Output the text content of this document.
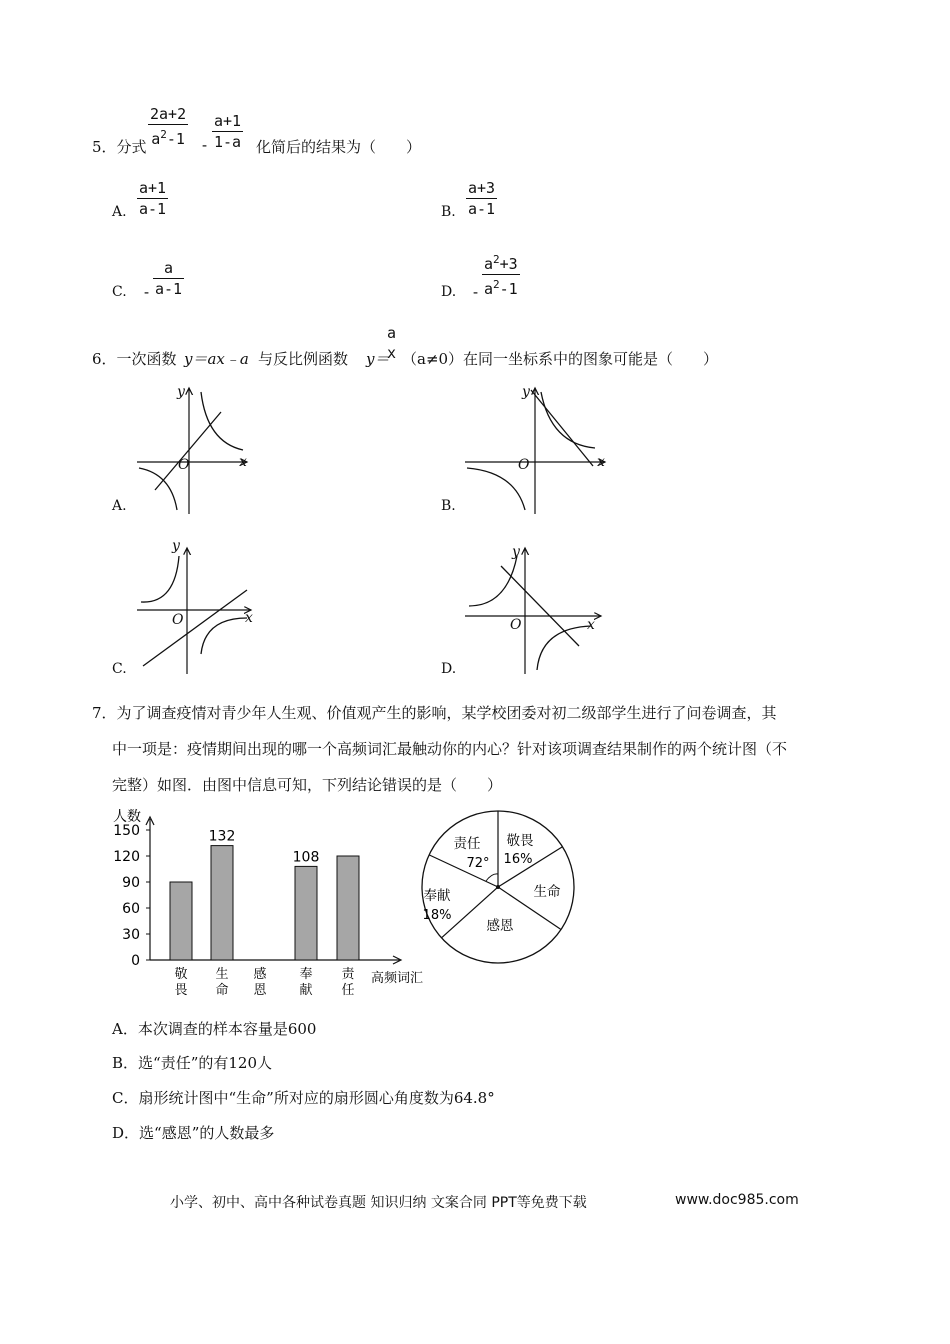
5．分式 $\frac{2a+2}{a^2-1} - \frac{a+1}{1-a}$ 化简后的结果为（　　）
A. $\frac{a+1}{a-1}$	B. $\frac{a+3}{a-1}$
C. - $\frac{a}{a-1}$	D. - $\frac{a^2+3}{a^2-1}$
6．一次函数 y＝ax﹣a 与反比例函数 y＝
a
x （a≠0）在同一坐标系中的图象可能是（　　）
y
x
O
A.
y
x
O
B.
y
x
O
C.
y
x
O
D.
7．为了调查疫情对青少年人生观、价值观产生的影响，某学校团委对初二级部学生进行了问卷调查，其
中一项是：疫情期间出现的哪一个高频词汇最触动你的内心？针对该项调查结果制作的两个统计图（不
完整）如图．由图中信息可知，下列结论错误的是（　　）
人数
0
30
60
90
120
150
敬
畏
132
生
命
感
恩
108
奉
献
责
任
高频词汇
责任
72°
敬畏
16%
生命
感恩
奉献
18%
A．本次调查的样本容量是600
B．选“责任”的有120人
C．扇形统计图中“生命”所对应的扇形圆心角度数为64.8°
D．选“感恩”的人数最多
小学、初中、高中各种试卷真题 知识归纳 文案合同 PPT等免费下载	www.doc985.com
